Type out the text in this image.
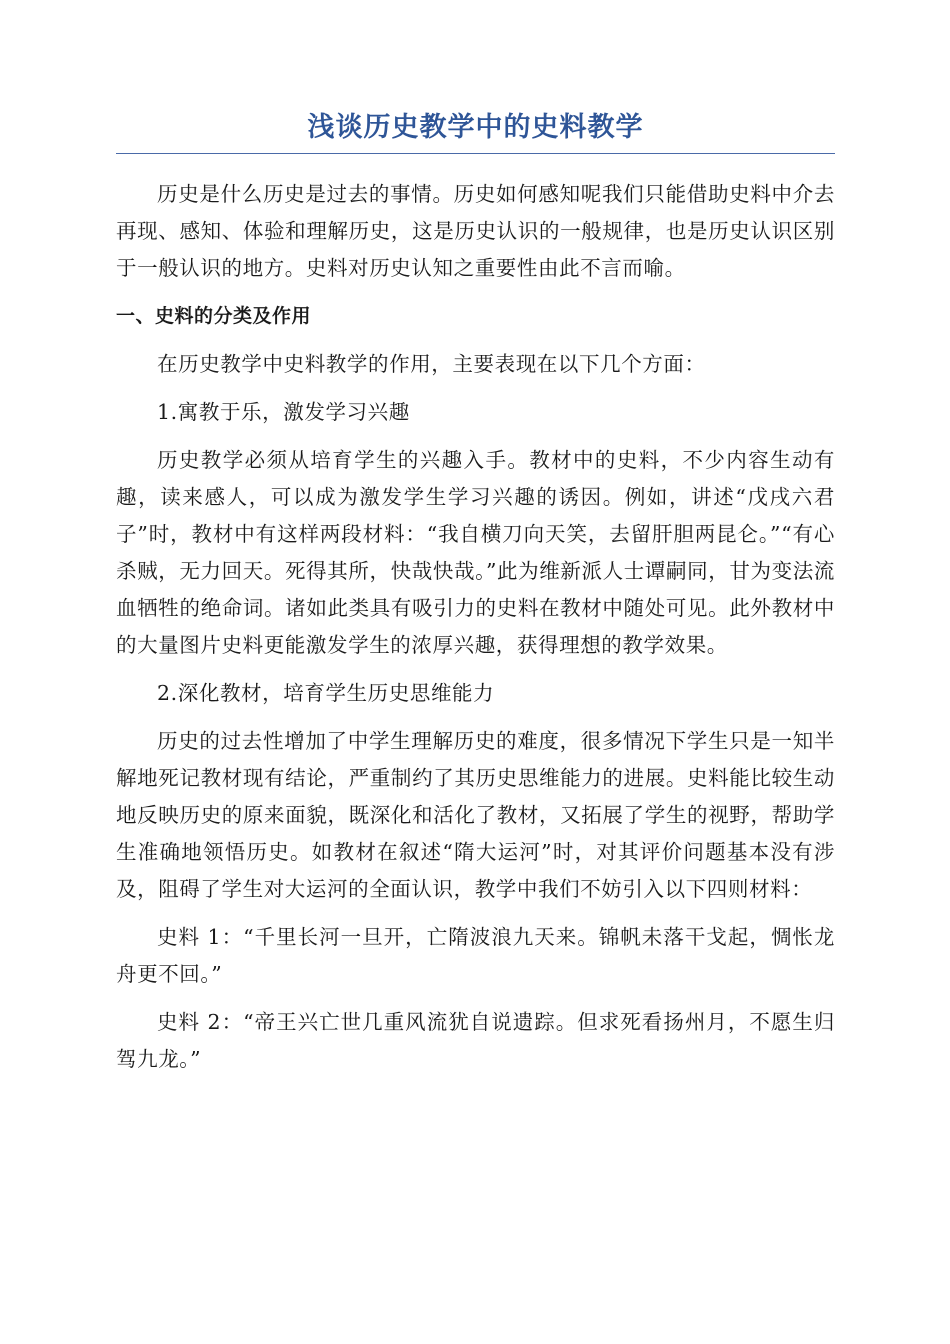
浅谈历史教学中的史料教学

历史是什么历史是过去的事情。历史如何感知呢我们只能借助史料中介去再现、感知、体验和理解历史，这是历史认识的一般规律，也是历史认识区别于一般认识的地方。史料对历史认知之重要性由此不言而喻。

一、史料的分类及作用

在历史教学中史料教学的作用，主要表现在以下几个方面：

1.寓教于乐，激发学习兴趣

历史教学必须从培育学生的兴趣入手。教材中的史料，不少内容生动有趣，读来感人，可以成为激发学生学习兴趣的诱因。例如，讲述“戊戌六君子”时，教材中有这样两段材料：“我自横刀向天笑，去留肝胆两昆仑。”“有心杀贼，无力回天。死得其所，快哉快哉。”此为维新派人士谭嗣同，甘为变法流血牺牲的绝命词。诸如此类具有吸引力的史料在教材中随处可见。此外教材中的大量图片史料更能激发学生的浓厚兴趣，获得理想的教学效果。

2.深化教材，培育学生历史思维能力

历史的过去性增加了中学生理解历史的难度，很多情况下学生只是一知半解地死记教材现有结论，严重制约了其历史思维能力的进展。史料能比较生动地反映历史的原来面貌，既深化和活化了教材，又拓展了学生的视野，帮助学生准确地领悟历史。如教材在叙述“隋大运河”时，对其评价问题基本没有涉及，阻碍了学生对大运河的全面认识，教学中我们不妨引入以下四则材料：

史料 1：“千里长河一旦开，亡隋波浪九天来。锦帆未落干戈起，惆怅龙舟更不回。”

史料 2：“帝王兴亡世几重风流犹自说遗踪。但求死看扬州月，不愿生归驾九龙。”
